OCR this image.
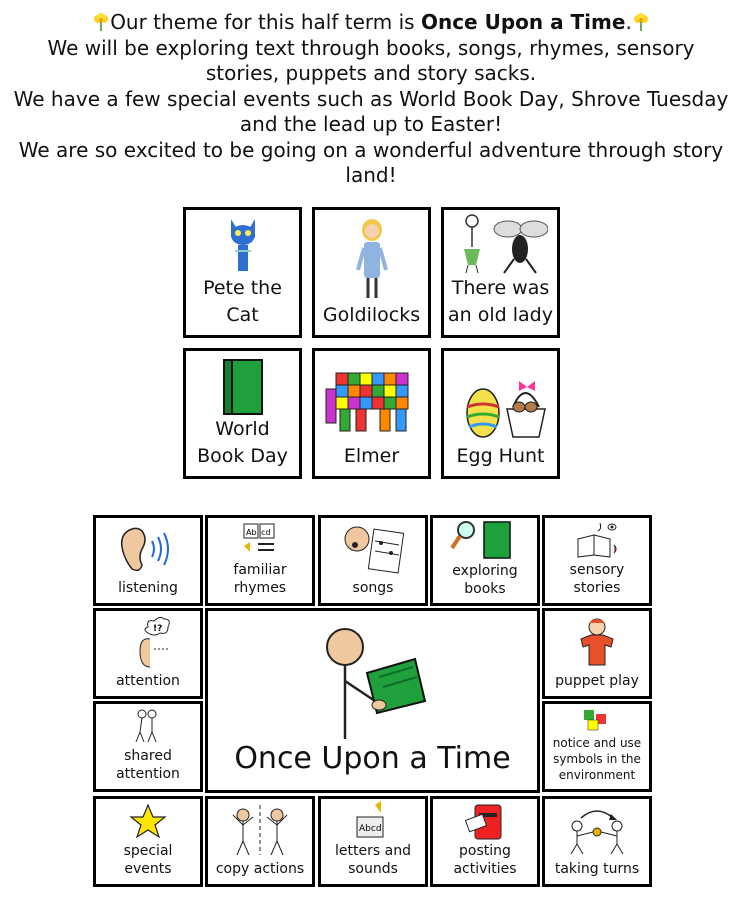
Our theme for this half term is Once Upon a Time.
We will be exploring text through books, songs, rhymes, sensory stories, puppets and story sacks.
We have a few special events such as World Book Day, Shrove Tuesday and the lead up to Easter!
We are so excited to be going on a wonderful adventure through story land!
Pete the
Cat	Goldilocks
There was
an old lady
World
Book Day	Elmer	Egg Hunt
listening
Ab cd
familiar
rhymes	songs
exploring
books
sensory
stories
!?
attention
Once Upon a Time
puppet play
shared
attention
notice and use
symbols in the
environment
special
events	copy actions
Abcd
letters and
sounds
posting
activities	taking turns
